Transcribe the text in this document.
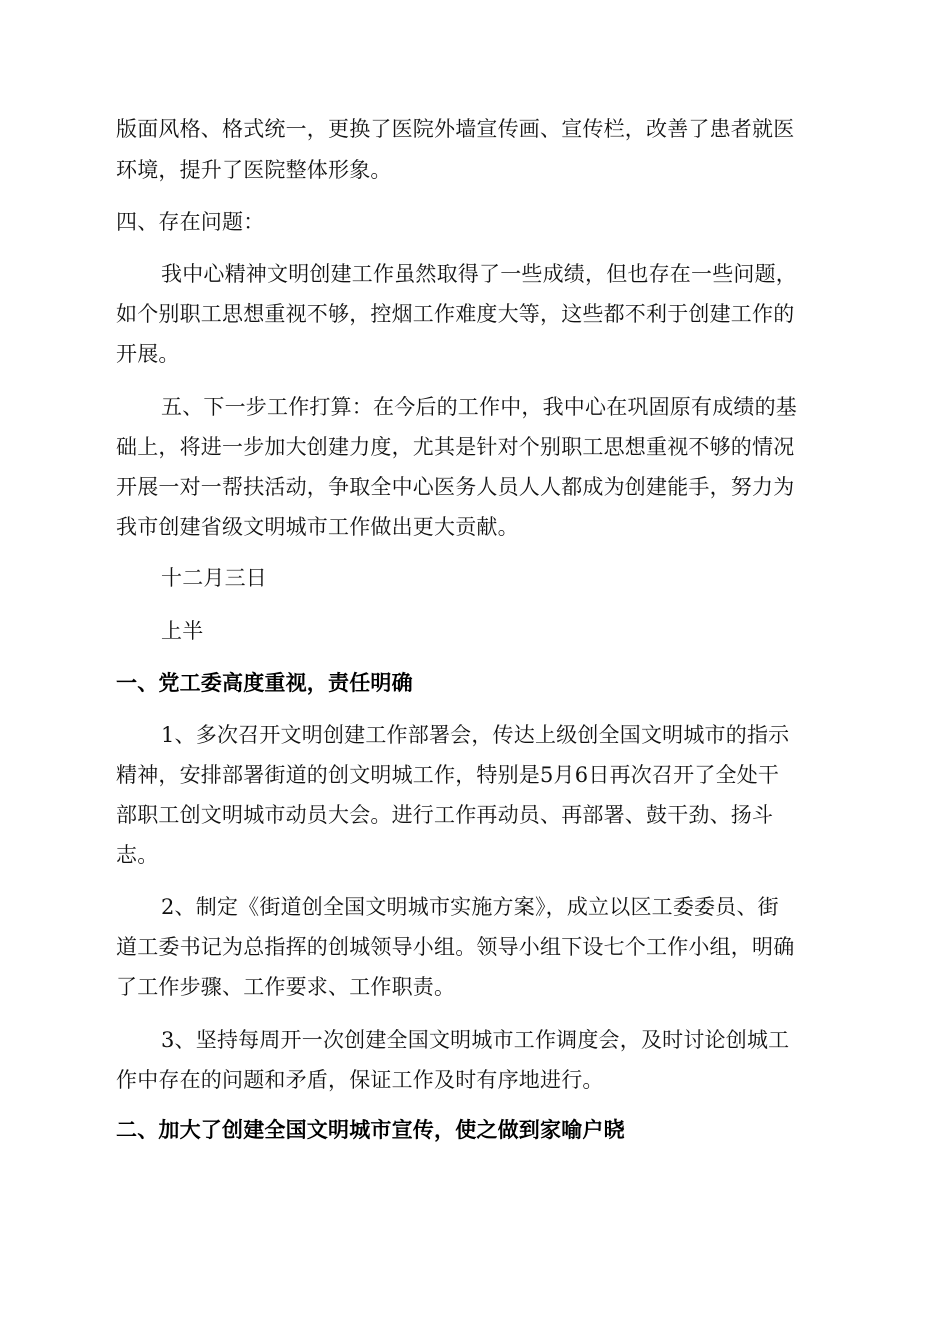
版面风格、格式统一，更换了医院外墙宣传画、宣传栏，改善了患者就医
环境，提升了医院整体形象。
四、存在问题：
我中心精神文明创建工作虽然取得了一些成绩，但也存在一些问题，
如个别职工思想重视不够，控烟工作难度大等，这些都不利于创建工作的
开展。
五、下一步工作打算：在今后的工作中，我中心在巩固原有成绩的基
础上，将进一步加大创建力度，尤其是针对个别职工思想重视不够的情况
开展一对一帮扶活动，争取全中心医务人员人人都成为创建能手，努力为
我市创建省级文明城市工作做出更大贡献。
十二月三日
上半
一、党工委高度重视，责任明确
1、多次召开文明创建工作部署会，传达上级创全国文明城市的指示
精神，安排部署街道的创文明城工作，特别是5月6日再次召开了全处干
部职工创文明城市动员大会。进行工作再动员、再部署、鼓干劲、扬斗
志。
2、制定《街道创全国文明城市实施方案》，成立以区工委委员、街
道工委书记为总指挥的创城领导小组。领导小组下设七个工作小组，明确
了工作步骤、工作要求、工作职责。
3、坚持每周开一次创建全国文明城市工作调度会，及时讨论创城工
作中存在的问题和矛盾，保证工作及时有序地进行。
二、加大了创建全国文明城市宣传，使之做到家喻户晓
